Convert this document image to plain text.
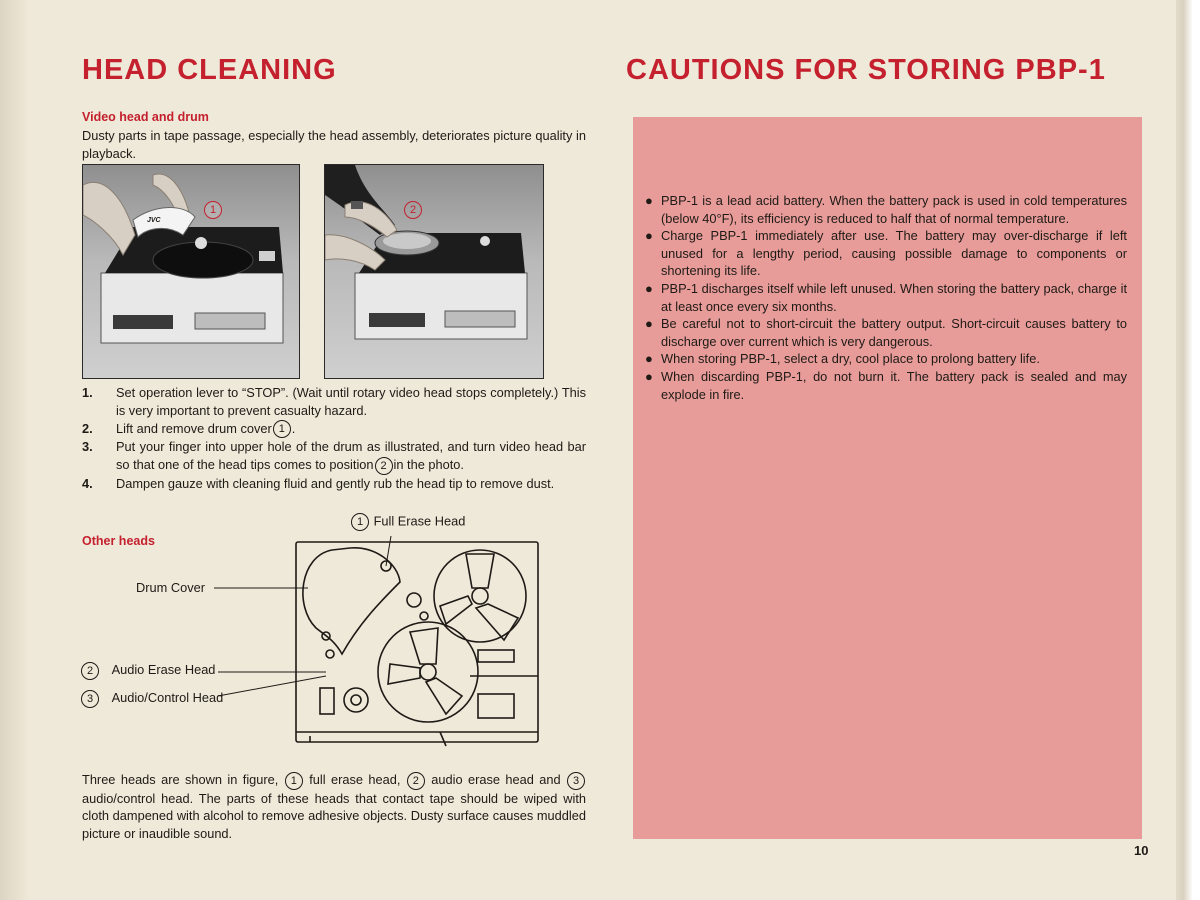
HEAD CLEANING

Video head and drum

Dusty parts in tape passage, especially the head assembly, deteriorates picture quality in playback.

JVC
1	2
1. Set operation lever to “STOP”. (Wait until rotary video head stops completely.) This is very important to prevent casualty hazard.
2. Lift and remove drum cover 1 .
3. Put your finger into upper hole of the drum as illustrated, and turn video head bar so that one of the head tips comes to position 2 in the photo.
4. Dampen gauze with cleaning fluid and gently rub the head tip to remove dust.

Other heads

1 Full Erase Head
Drum Cover
2 Audio Erase Head
3 Audio/Control Head

Three heads are shown in figure, 1 full erase head, 2 audio erase head and 3 audio/control head. The parts of these heads that contact tape should be wiped with cloth dampened with alcohol to remove adhesive objects. Dusty surface causes muddled picture or inaudible sound.

CAUTIONS FOR STORING PBP-1
● PBP-1 is a lead acid battery. When the battery pack is used in cold temperatures (below 40°F), its efficiency is reduced to half that of normal temperature.
● Charge PBP-1 immediately after use. The battery may over-discharge if left unused for a lengthy period, causing possible damage to components or shortening its life.
● PBP-1 discharges itself while left unused. When storing the battery pack, charge it at least once every six months.
● Be careful not to short-circuit the battery output. Short-circuit causes battery to discharge over current which is very dangerous.
● When storing PBP-1, select a dry, cool place to prolong battery life.
● When discarding PBP-1, do not burn it. The battery pack is sealed and may explode in fire.
10
